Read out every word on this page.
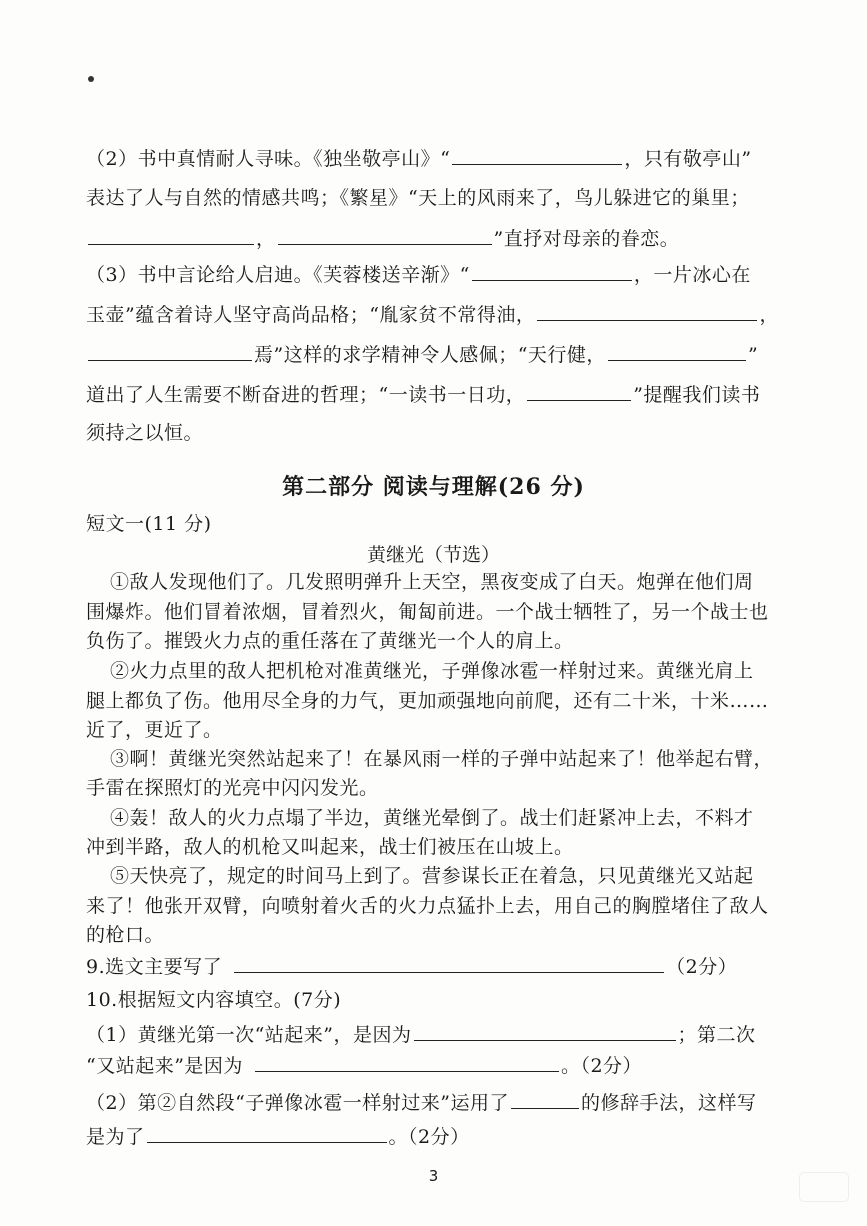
（2）书中真情耐人寻味。《独坐敬亭山》“	，只有敬亭山”
表达了人与自然的情感共鸣；《繁星》“天上的风雨来了，鸟儿躲进它的巢里；
，	”直抒对母亲的眷恋。
（3）书中言论给人启迪。《芙蓉楼送辛渐》“	，一片冰心在
玉壶”蕴含着诗人坚守高尚品格；“胤家贫不常得油，	，
焉”这样的求学精神令人感佩；“天行健，	”
道出了人生需要不断奋进的哲理；“一读书一日功，	”提醒我们读书
须持之以恒。
第二部分 阅读与理解(26 分)
短文一(11 分)
黄继光（节选）
①敌人发现他们了。几发照明弹升上天空，黑夜变成了白天。炮弹在他们周
围爆炸。他们冒着浓烟，冒着烈火，匍匐前进。一个战士牺牲了，另一个战士也
负伤了。摧毁火力点的重任落在了黄继光一个人的肩上。
②火力点里的敌人把机枪对准黄继光，子弹像冰雹一样射过来。黄继光肩上
腿上都负了伤。他用尽全身的力气，更加顽强地向前爬，还有二十米，十米……
近了，更近了。
③啊！黄继光突然站起来了！在暴风雨一样的子弹中站起来了！他举起右臂，
手雷在探照灯的光亮中闪闪发光。
④轰！敌人的火力点塌了半边，黄继光晕倒了。战士们赶紧冲上去，不料才
冲到半路，敌人的机枪又叫起来，战士们被压在山坡上。
⑤天快亮了，规定的时间马上到了。营参谋长正在着急，只见黄继光又站起
来了！他张开双臂，向喷射着火舌的火力点猛扑上去，用自己的胸膛堵住了敌人
的枪口。
9.选文主要写了	（2分）
10.根据短文内容填空。(7分)
（1）黄继光第一次“站起来”，是因为	；第二次
“又站起来”是因为	。（2分）
（2）第②自然段“子弹像冰雹一样射过来”运用了	的修辞手法，这样写
是为了	。（2分）
3
